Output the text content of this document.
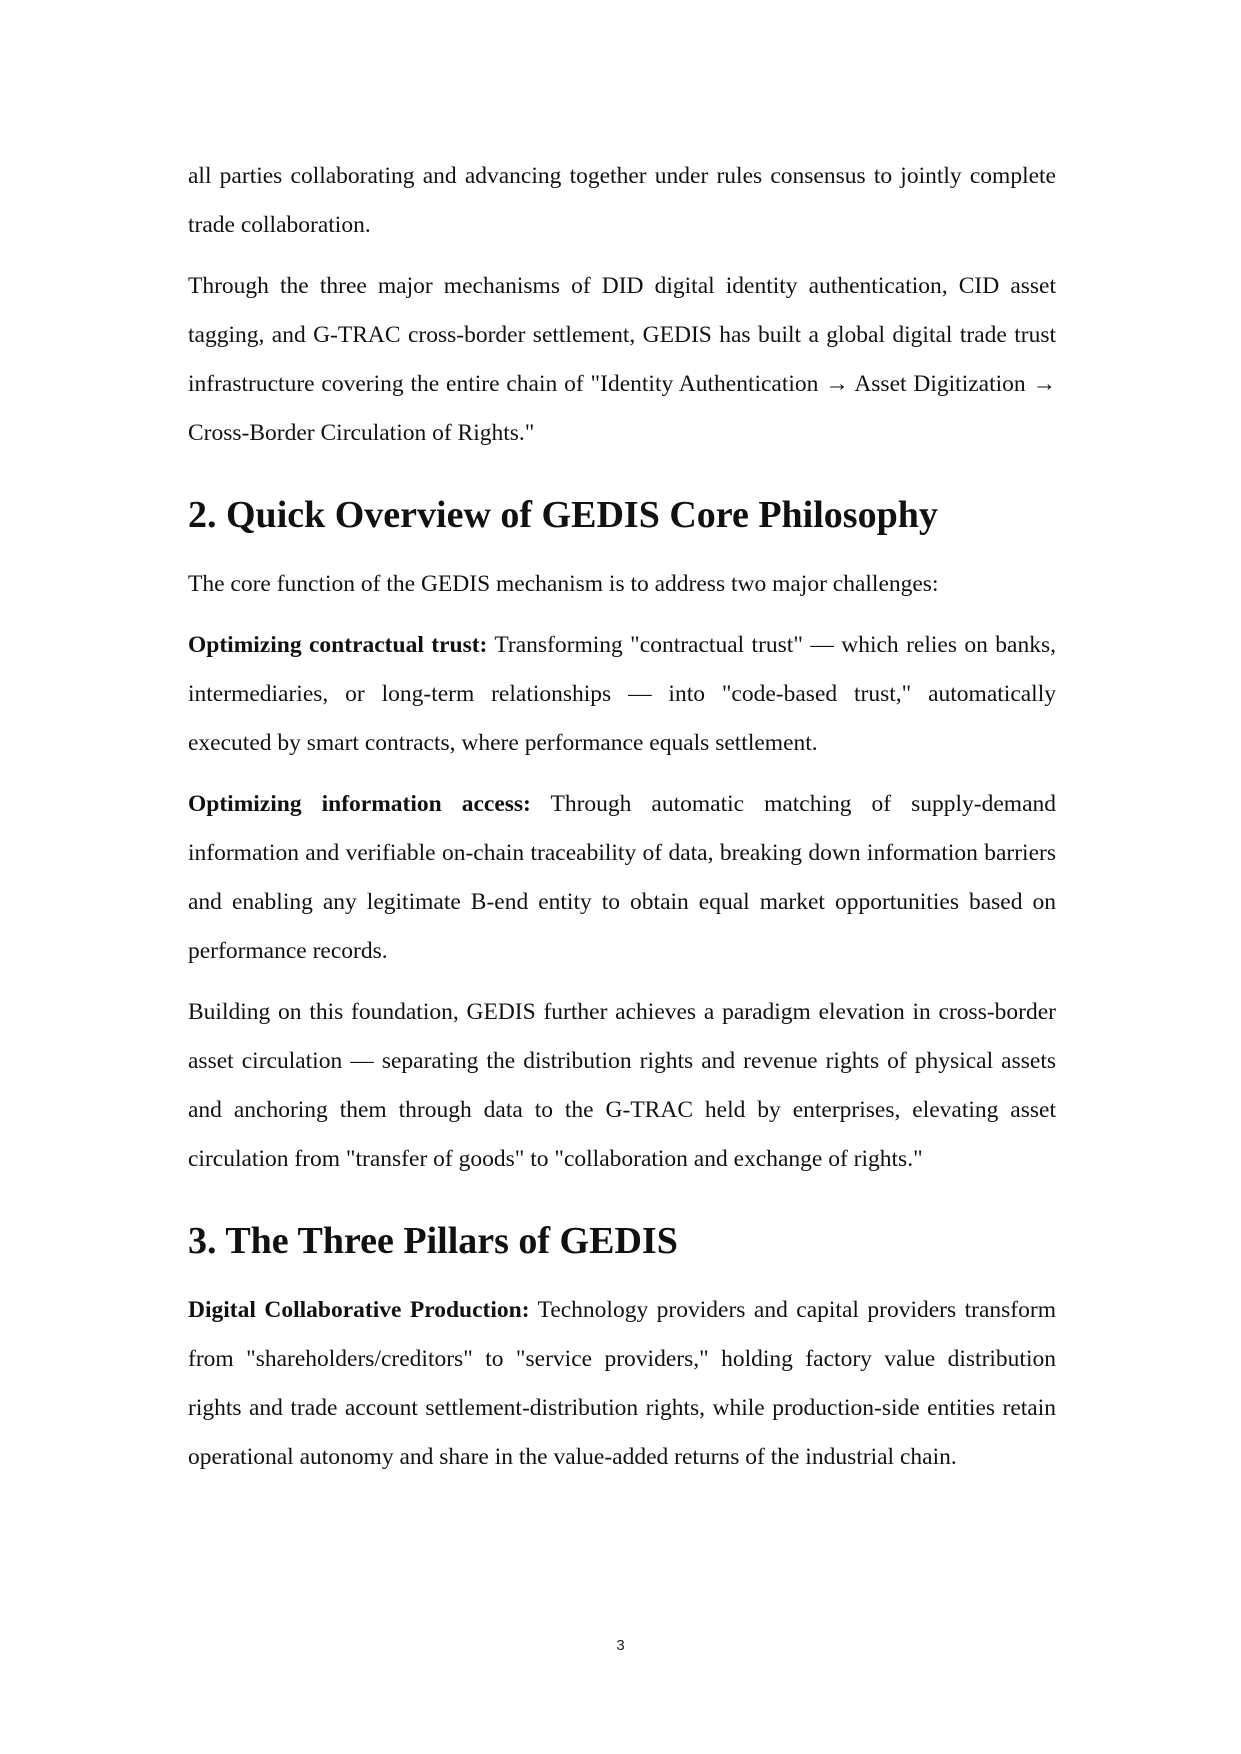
all parties collaborating and advancing together under rules consensus to jointly complete trade collaboration.

Through the three major mechanisms of DID digital identity authentication, CID asset tagging, and G-TRAC cross-border settlement, GEDIS has built a global digital trade trust infrastructure covering the entire chain of "Identity Authentication → Asset Digitization → Cross-Border Circulation of Rights."

2. Quick Overview of GEDIS Core Philosophy

The core function of the GEDIS mechanism is to address two major challenges:

Optimizing contractual trust: Transforming "contractual trust" — which relies on banks, intermediaries, or long-term relationships — into "code-based trust," automatically executed by smart contracts, where performance equals settlement.

Optimizing information access: Through automatic matching of supply-demand information and verifiable on-chain traceability of data, breaking down information barriers and enabling any legitimate B-end entity to obtain equal market opportunities based on performance records.

Building on this foundation, GEDIS further achieves a paradigm elevation in cross-border asset circulation — separating the distribution rights and revenue rights of physical assets and anchoring them through data to the G-TRAC held by enterprises, elevating asset circulation from "transfer of goods" to "collaboration and exchange of rights."

3. The Three Pillars of GEDIS

Digital Collaborative Production: Technology providers and capital providers transform from "shareholders/creditors" to "service providers," holding factory value distribution rights and trade account settlement-distribution rights, while production-side entities retain operational autonomy and share in the value-added returns of the industrial chain.

3
